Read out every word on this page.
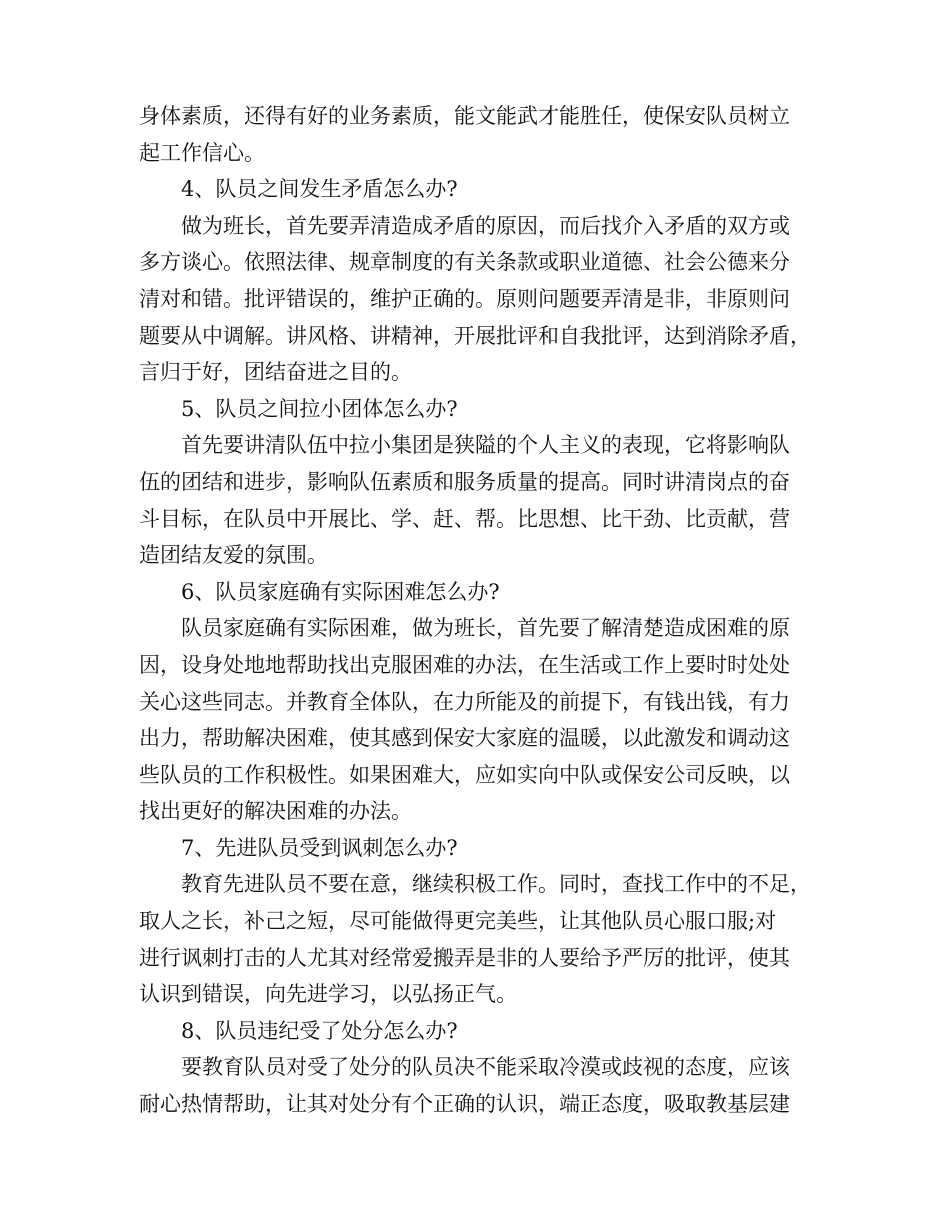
身体素质，还得有好的业务素质，能文能武才能胜任，使保安队员树立

起工作信心。

4、队员之间发生矛盾怎么办?

做为班长，首先要弄清造成矛盾的原因，而后找介入矛盾的双方或

多方谈心。依照法律、规章制度的有关条款或职业道德、社会公德来分

清对和错。批评错误的，维护正确的。原则问题要弄清是非，非原则问

题要从中调解。讲风格、讲精神，开展批评和自我批评，达到消除矛盾，

言归于好，团结奋进之目的。

5、队员之间拉小团体怎么办?

首先要讲清队伍中拉小集团是狭隘的个人主义的表现，它将影响队

伍的团结和进步，影响队伍素质和服务质量的提高。同时讲清岗点的奋

斗目标，在队员中开展比、学、赶、帮。比思想、比干劲、比贡献，营

造团结友爱的氛围。

6、队员家庭确有实际困难怎么办?

队员家庭确有实际困难，做为班长，首先要了解清楚造成困难的原

因，设身处地地帮助找出克服困难的办法，在生活或工作上要时时处处

关心这些同志。并教育全体队，在力所能及的前提下，有钱出钱，有力

出力，帮助解决困难，使其感到保安大家庭的温暖，以此激发和调动这

些队员的工作积极性。如果困难大，应如实向中队或保安公司反映，以

找出更好的解决困难的办法。

7、先进队员受到讽刺怎么办?

教育先进队员不要在意，继续积极工作。同时，查找工作中的不足，

取人之长，补己之短，尽可能做得更完美些，让其他队员心服口服;对

进行讽刺打击的人尤其对经常爱搬弄是非的人要给予严厉的批评，使其

认识到错误，向先进学习，以弘扬正气。

8、队员违纪受了处分怎么办?

要教育队员对受了处分的队员决不能采取冷漠或歧视的态度，应该

耐心热情帮助，让其对处分有个正确的认识，端正态度，吸取教基层建
